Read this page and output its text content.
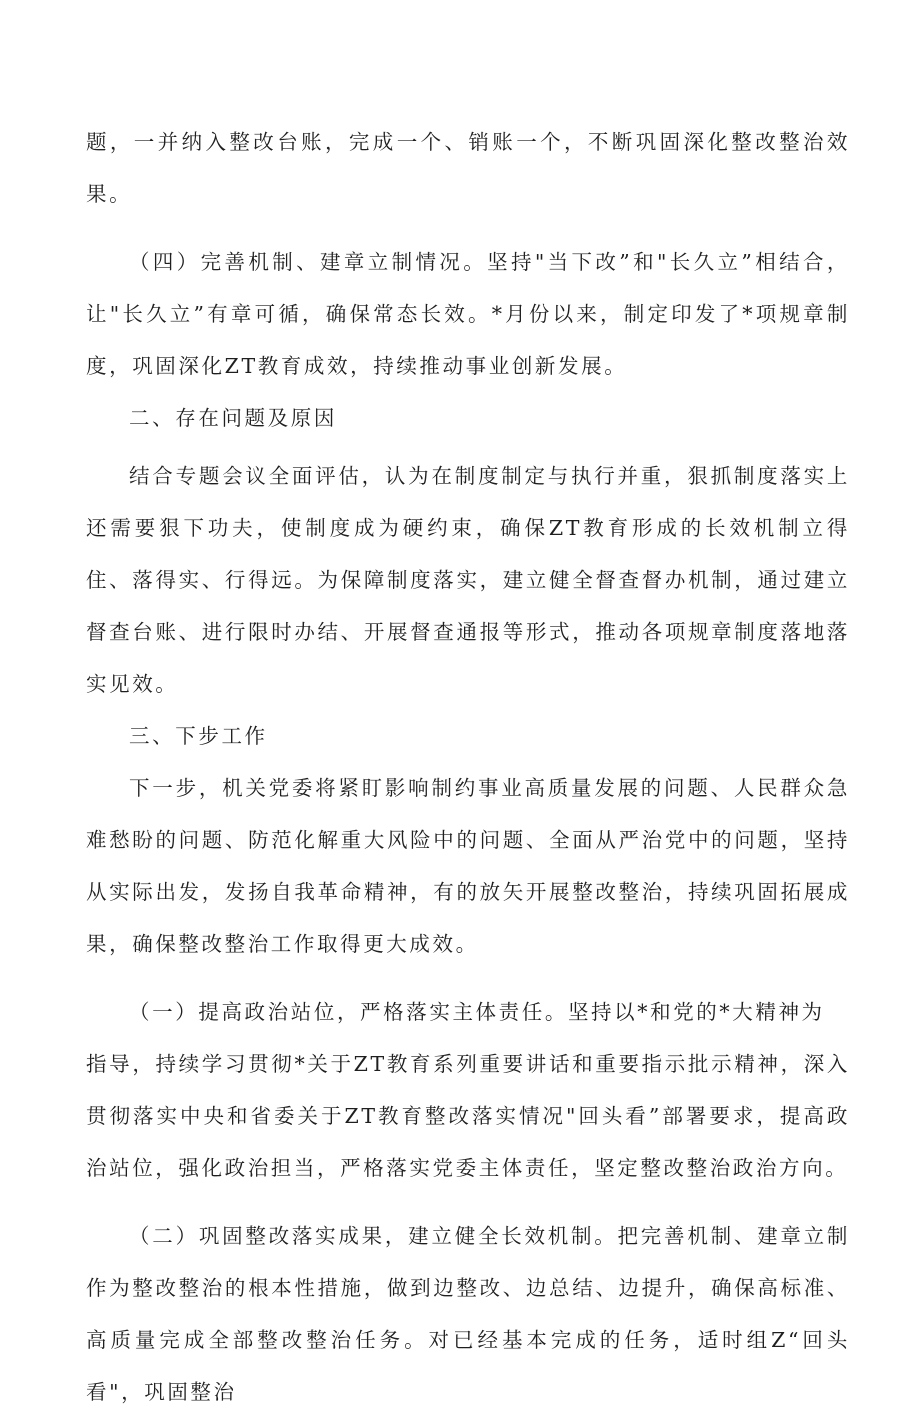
题，一并纳入整改台账，完成一个、销账一个，不断巩固深化整改整治效果。

（四）完善机制、建章立制情况。坚持"当下改”和"长久立”相结合，让"长久立”有章可循，确保常态长效。*月份以来，制定印发了*项规章制度，巩固深化ZT教育成效，持续推动事业创新发展。

二、存在问题及原因

结合专题会议全面评估，认为在制度制定与执行并重，狠抓制度落实上还需要狠下功夫，使制度成为硬约束，确保ZT教育形成的长效机制立得住、落得实、行得远。为保障制度落实，建立健全督查督办机制，通过建立督查台账、进行限时办结、开展督查通报等形式，推动各项规章制度落地落实见效。

三、下步工作

下一步，机关党委将紧盯影响制约事业高质量发展的问题、人民群众急难愁盼的问题、防范化解重大风险中的问题、全面从严治党中的问题，坚持从实际出发，发扬自我革命精神，有的放矢开展整改整治，持续巩固拓展成果，确保整改整治工作取得更大成效。

（一）提高政治站位，严格落实主体责任。坚持以*和党的*大精神为

指导，持续学习贯彻*关于ZT教育系列重要讲话和重要指示批示精神，深入贯彻落实中央和省委关于ZT教育整改落实情况"回头看”部署要求，提高政治站位，强化政治担当，严格落实党委主体责任，坚定整改整治政治方向。

（二）巩固整改落实成果，建立健全长效机制。把完善机制、建章立制作为整改整治的根本性措施，做到边整改、边总结、边提升，确保高标准、高质量完成全部整改整治任务。对已经基本完成的任务，适时组Z“回头看"，巩固整治
